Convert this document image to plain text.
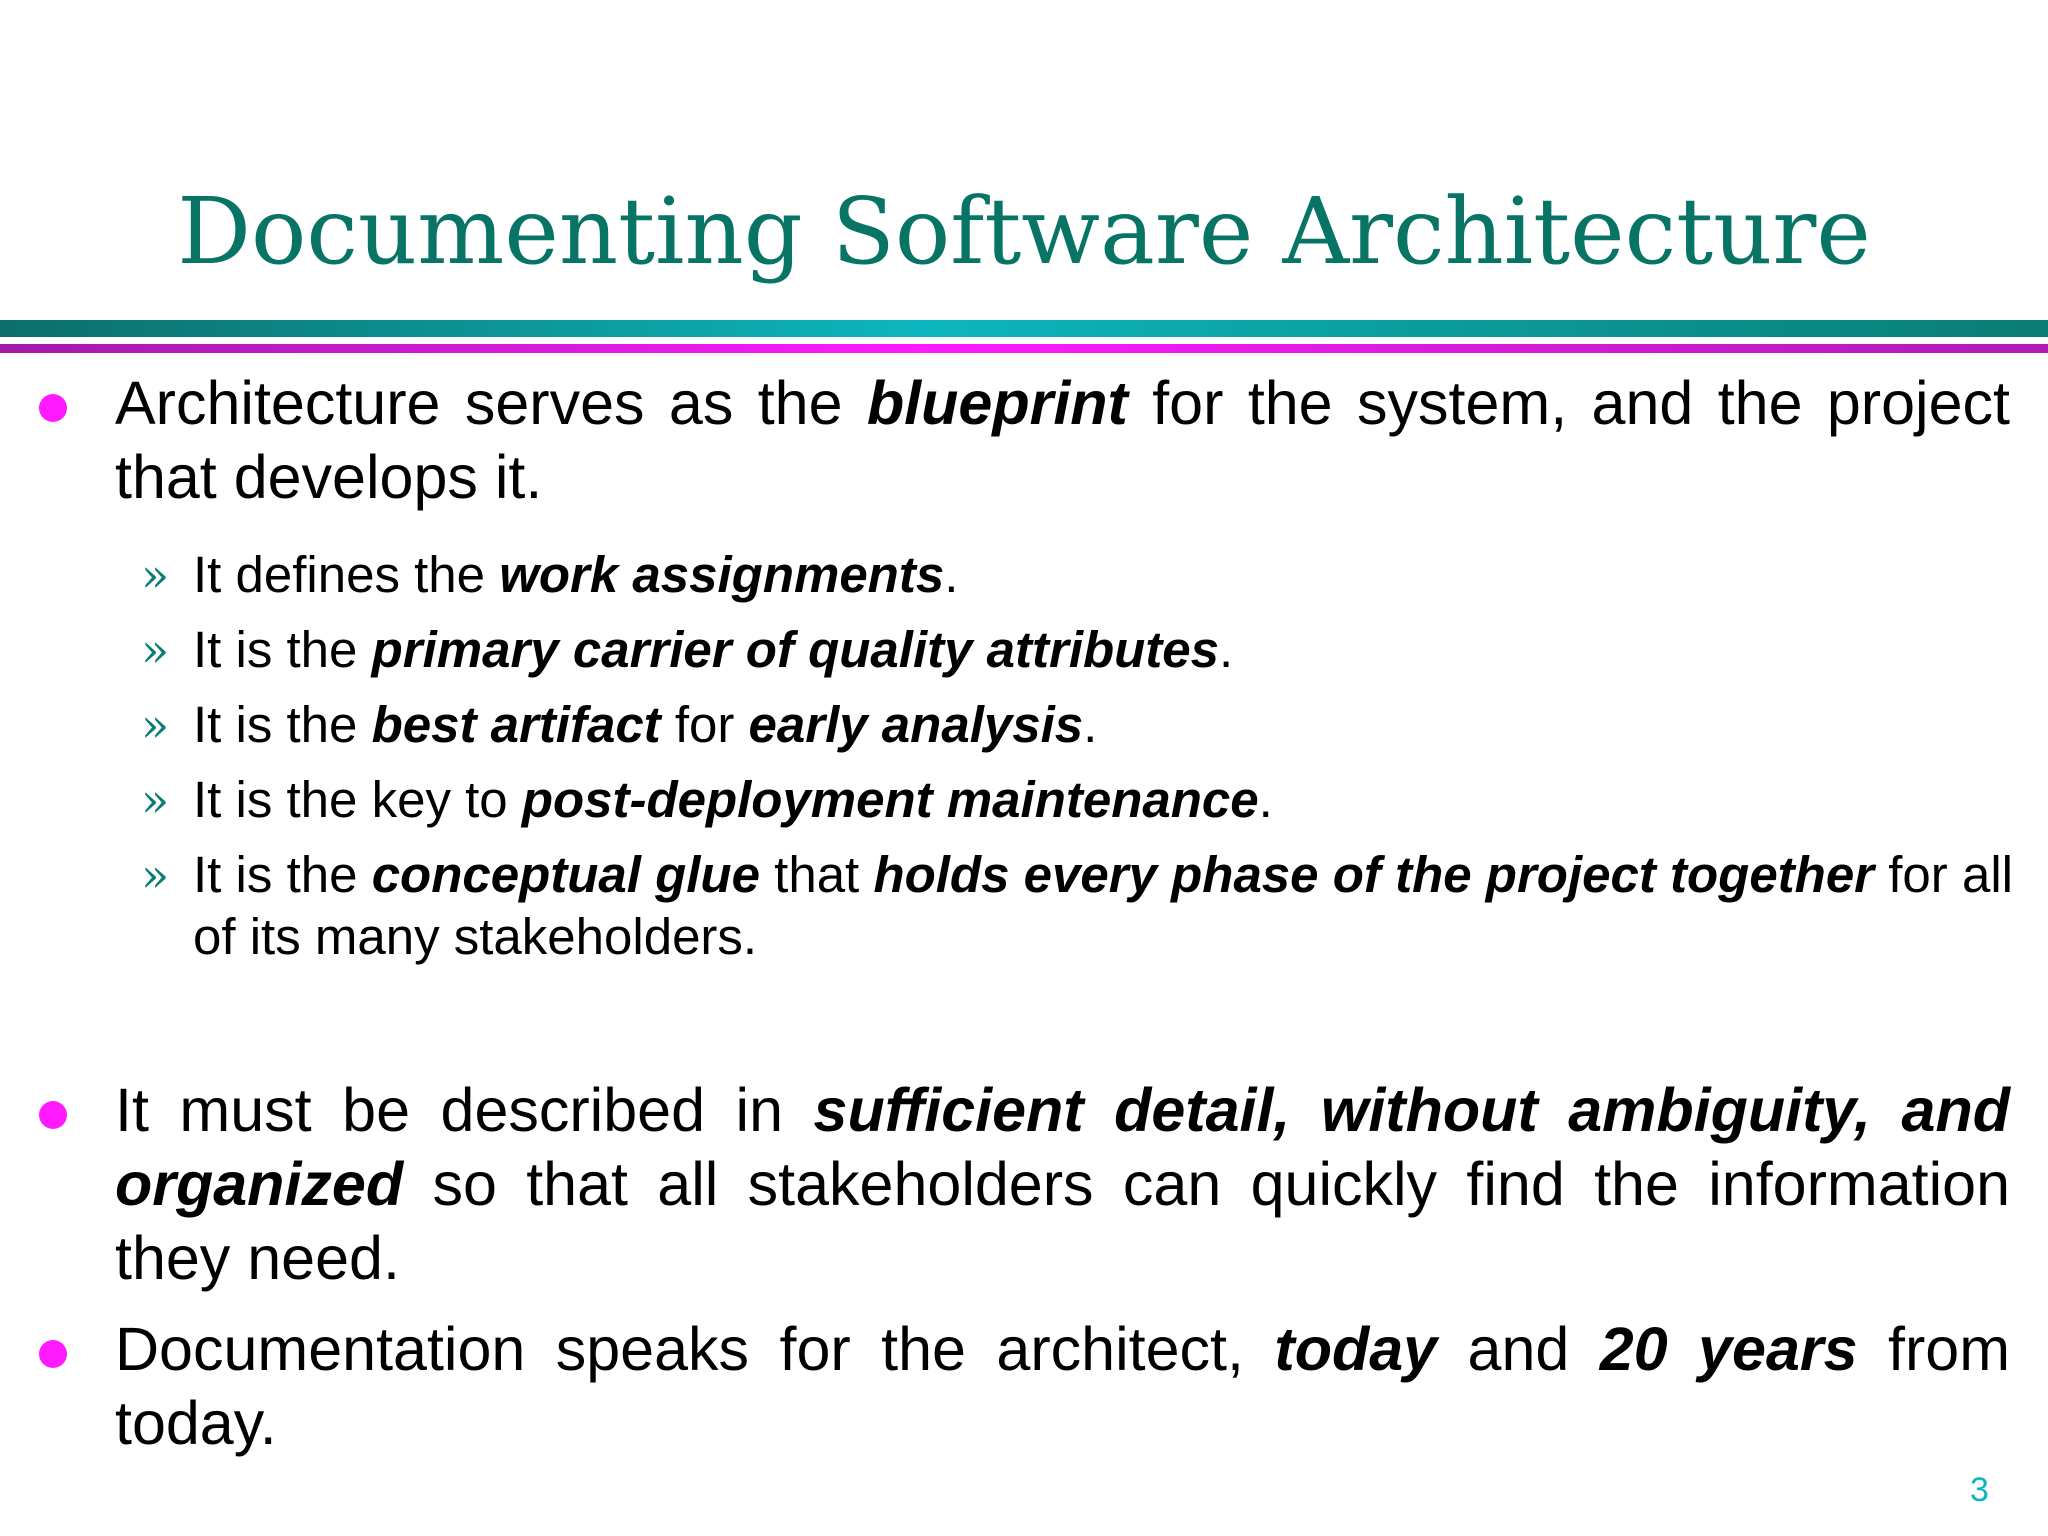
Documenting Software Architecture
Architecture serves as the blueprint for the system, and the project that develops it.
» It defines the work assignments.
» It is the primary carrier of quality attributes.
» It is the best artifact for early analysis.
» It is the key to post-deployment maintenance.
» It is the conceptual glue that holds every phase of the project together for all of its many stakeholders.
It must be described in sufficient detail, without ambiguity, and organized so that all stakeholders can quickly find the information they need.
Documentation speaks for the architect, today and 20 years from today.
3
